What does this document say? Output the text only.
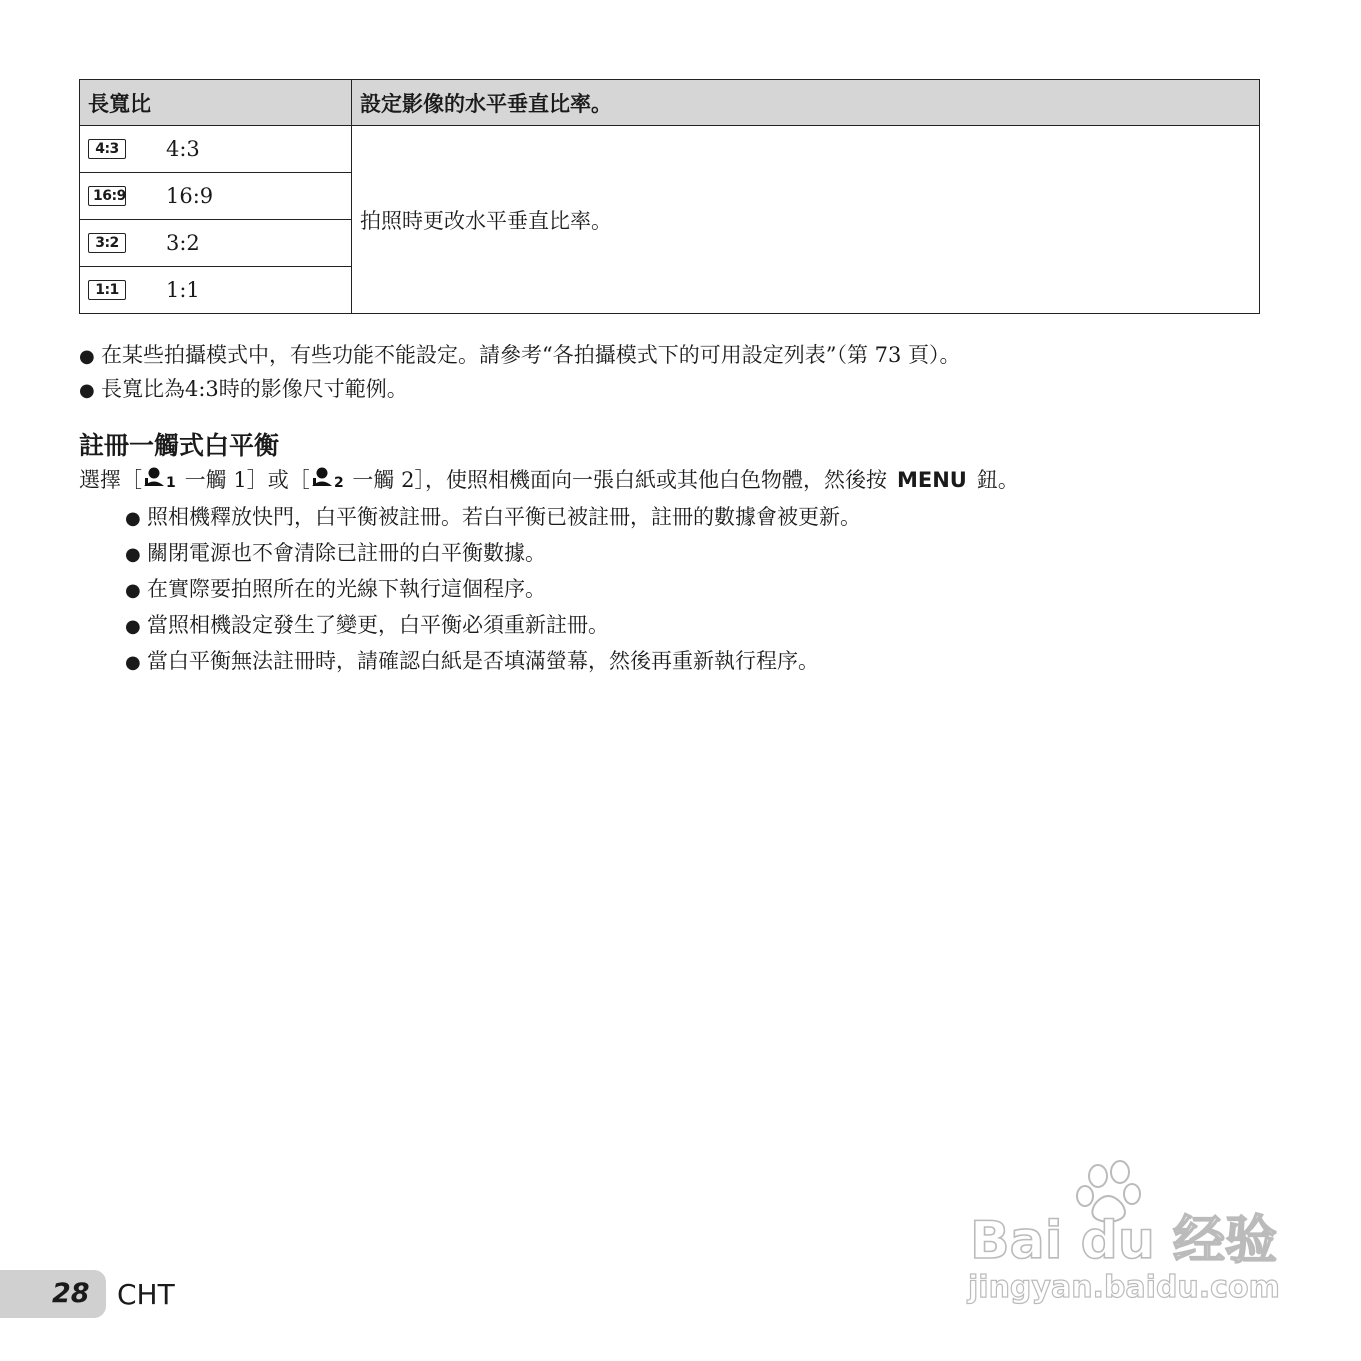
長寬比	設定影像的水平垂直比率。
4:3 4:3	拍照時更改水平垂直比率。
16:9 16:9	
3:2 3:2	
1:1 1:1	
● 在某些拍攝模式中，有些功能不能設定。請參考“各拍攝模式下的可用設定列表”（第 73 頁）。
● 長寬比為4:3時的影像尺寸範例。
註冊一觸式白平衡
選擇［ 1 一觸 1］或［ 2 一觸 2］，使照相機面向一張白紙或其他白色物體，然後按 MENU 鈕。
● 照相機釋放快門，白平衡被註冊。若白平衡已被註冊，註冊的數據會被更新。
● 關閉電源也不會清除已註冊的白平衡數據。
● 在實際要拍照所在的光線下執行這個程序。
● 當照相機設定發生了變更，白平衡必須重新註冊。
● 當白平衡無法註冊時，請確認白紙是否填滿螢幕，然後再重新執行程序。
Bai du 经验
jingyan.baidu.com
28 CHT
